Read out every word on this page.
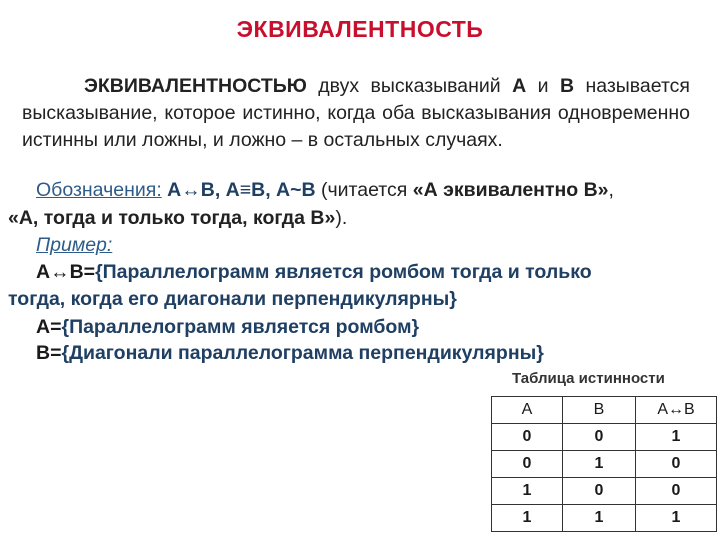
ЭКВИВАЛЕНТНОСТЬ
ЭКВИВАЛЕНТНОСТЬЮ двух высказываний А и В называется высказывание, которое истинно, когда оба высказывания одновременно истинны или ложны, и ложно – в остальных случаях.
Обозначения: А↔В, А≡В, А~В (читается «А эквивалентно В»,
«А, тогда и только тогда, когда В»).
Пример:
А↔В={Параллелограмм является ромбом тогда и только
тогда, когда его диагонали перпендикулярны}
А={Параллелограмм является ромбом}
В={Диагонали параллелограмма перпендикулярны}
Таблица истинности
А	В	А↔В
0	0	1
0	1	0
1	0	0
1	1	1
